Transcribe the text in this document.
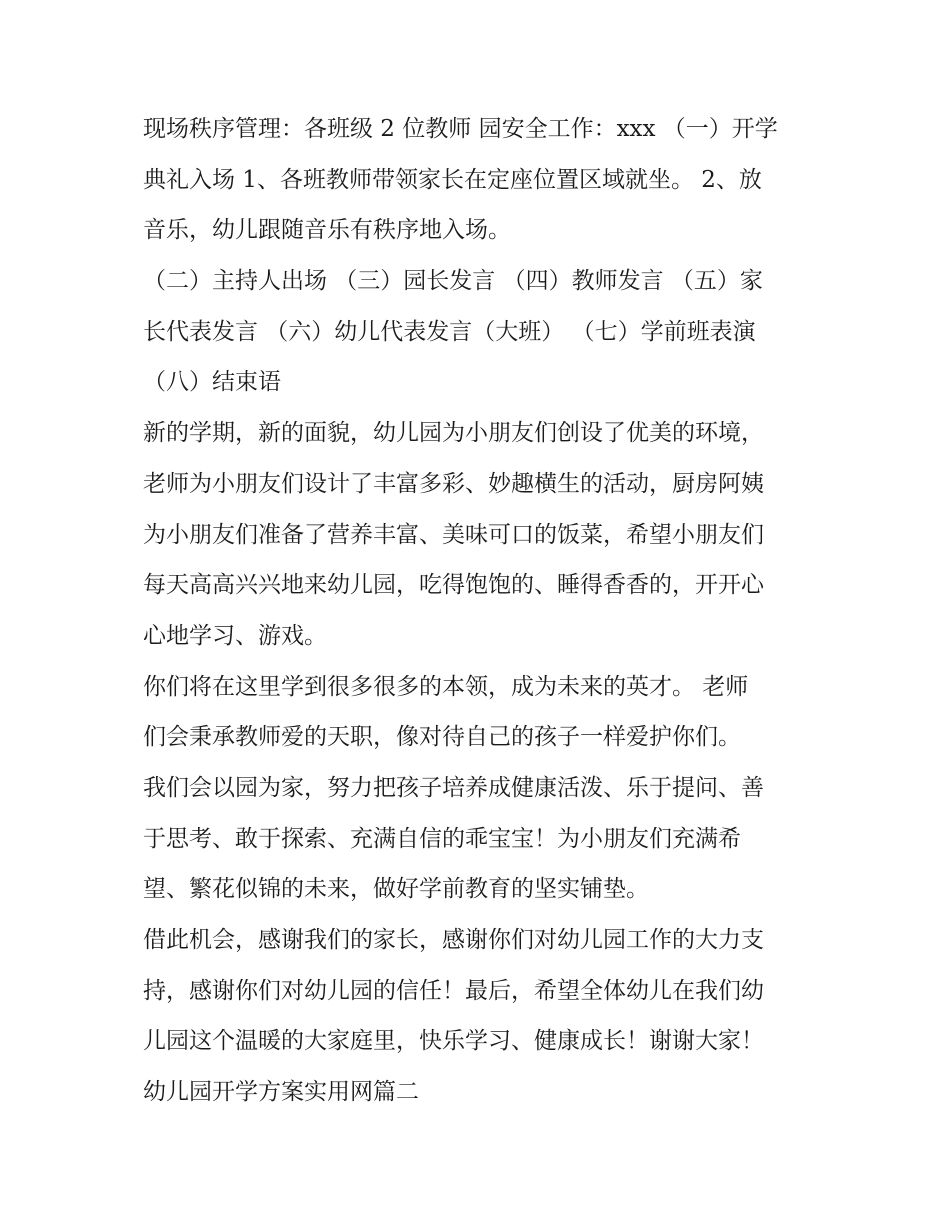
现场秩序管理：各班级 2 位教师 园安全工作：xxx （一）开学
典礼入场 1、各班教师带领家长在定座位置区域就坐。 2、放
音乐，幼儿跟随音乐有秩序地入场。

（二）主持人出场 （三）园长发言 （四）教师发言 （五）家
长代表发言 （六）幼儿代表发言（大班） （七）学前班表演
（八）结束语

新的学期，新的面貌，幼儿园为小朋友们创设了优美的环境，
老师为小朋友们设计了丰富多彩、妙趣横生的活动，厨房阿姨
为小朋友们准备了营养丰富、美味可口的饭菜，希望小朋友们
每天高高兴兴地来幼儿园，吃得饱饱的、睡得香香的，开开心
心地学习、游戏。

你们将在这里学到很多很多的本领，成为未来的英才。 老师
们会秉承教师爱的天职，像对待自己的孩子一样爱护你们。

我们会以园为家，努力把孩子培养成健康活泼、乐于提问、善
于思考、敢于探索、充满自信的乖宝宝！为小朋友们充满希
望、繁花似锦的未来，做好学前教育的坚实铺垫。

借此机会，感谢我们的家长，感谢你们对幼儿园工作的大力支
持，感谢你们对幼儿园的信任！最后，希望全体幼儿在我们幼
儿园这个温暖的大家庭里，快乐学习、健康成长！谢谢大家！

幼儿园开学方案实用网篇二
